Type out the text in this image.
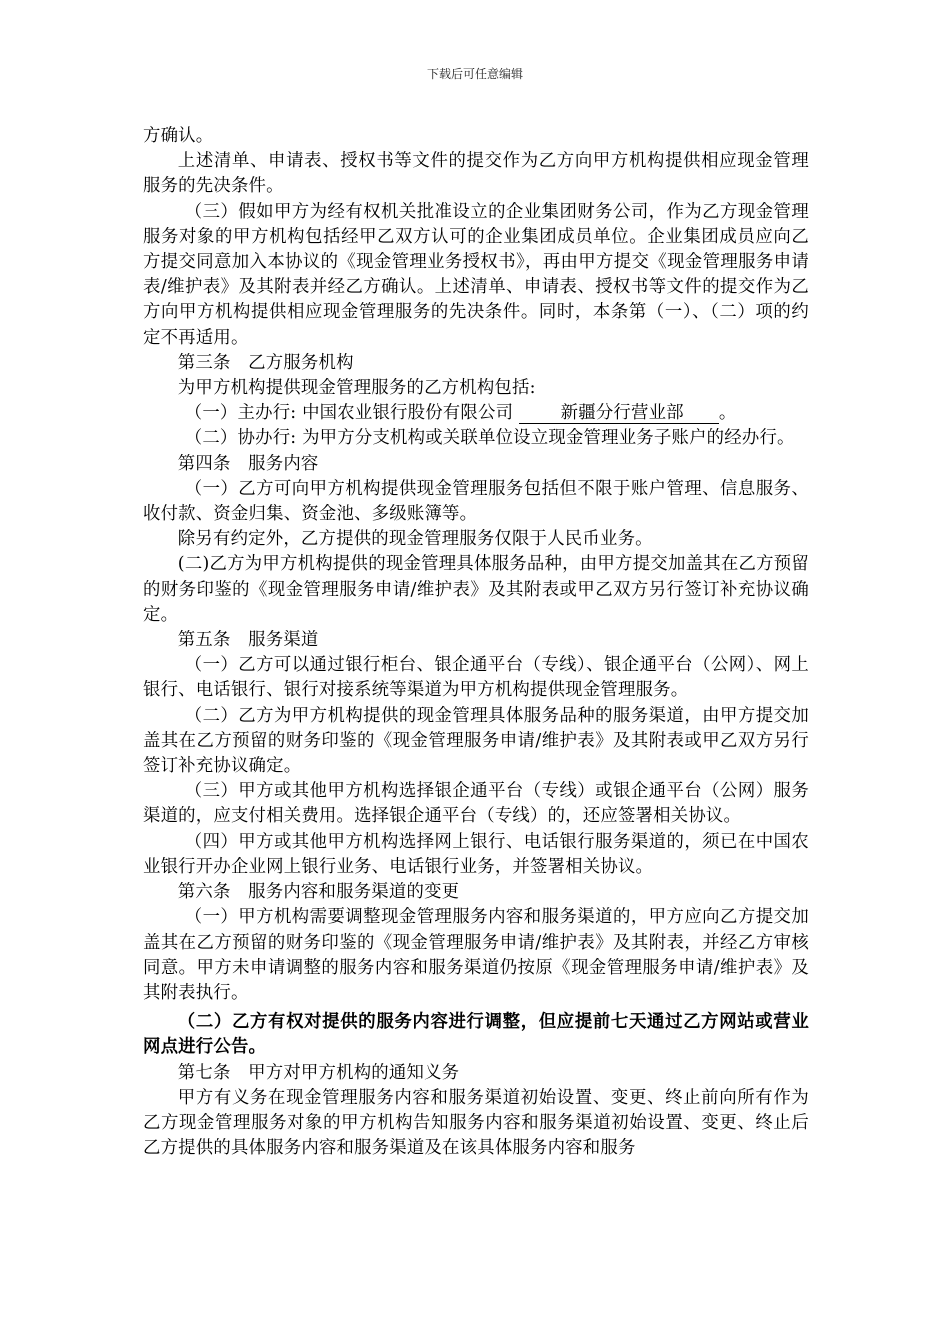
下载后可任意编辑

方确认。

上述清单、申请表、授权书等文件的提交作为乙方向甲方机构提供相应现金管理服务的先决条件。

（三）假如甲方为经有权机关批准设立的企业集团财务公司，作为乙方现金管理服务对象的甲方机构包括经甲乙双方认可的企业集团成员单位。企业集团成员应向乙方提交同意加入本协议的《现金管理业务授权书》，再由甲方提交《现金管理服务申请表/维护表》及其附表并经乙方确认。上述清单、申请表、授权书等文件的提交作为乙方向甲方机构提供相应现金管理服务的先决条件。同时，本条第（一）、（二）项的约定不再适用。

第三条　乙方服务机构

为甲方机构提供现金管理服务的乙方机构包括:

（一）主办行: 中国农业银行股份有限公司	新疆分行营业部 。

（二）协办行: 为甲方分支机构或关联单位设立现金管理业务子账户的经办行。

第四条　服务内容

（一）乙方可向甲方机构提供现金管理服务包括但不限于账户管理、信息服务、收付款、资金归集、资金池、多级账簿等。

除另有约定外，乙方提供的现金管理服务仅限于人民币业务。

(二)乙方为甲方机构提供的现金管理具体服务品种，由甲方提交加盖其在乙方预留的财务印鉴的《现金管理服务申请/维护表》及其附表或甲乙双方另行签订补充协议确定。

第五条　服务渠道

（一）乙方可以通过银行柜台、银企通平台（专线）、银企通平台（公网）、网上银行、电话银行、银行对接系统等渠道为甲方机构提供现金管理服务。

（二）乙方为甲方机构提供的现金管理具体服务品种的服务渠道，由甲方提交加盖其在乙方预留的财务印鉴的《现金管理服务申请/维护表》及其附表或甲乙双方另行签订补充协议确定。

（三）甲方或其他甲方机构选择银企通平台（专线）或银企通平台（公网）服务渠道的，应支付相关费用。选择银企通平台（专线）的，还应签署相关协议。

（四）甲方或其他甲方机构选择网上银行、电话银行服务渠道的，须已在中国农业银行开办企业网上银行业务、电话银行业务，并签署相关协议。

第六条　服务内容和服务渠道的变更

（一）甲方机构需要调整现金管理服务内容和服务渠道的，甲方应向乙方提交加盖其在乙方预留的财务印鉴的《现金管理服务申请/维护表》及其附表，并经乙方审核同意。甲方未申请调整的服务内容和服务渠道仍按原《现金管理服务申请/维护表》及其附表执行。

（二）乙方有权对提供的服务内容进行调整，但应提前七天通过乙方网站或营业网点进行公告。

第七条　甲方对甲方机构的通知义务

甲方有义务在现金管理服务内容和服务渠道初始设置、变更、终止前向所有作为乙方现金管理服务对象的甲方机构告知服务内容和服务渠道初始设置、变更、终止后乙方提供的具体服务内容和服务渠道及在该具体服务内容和服务
